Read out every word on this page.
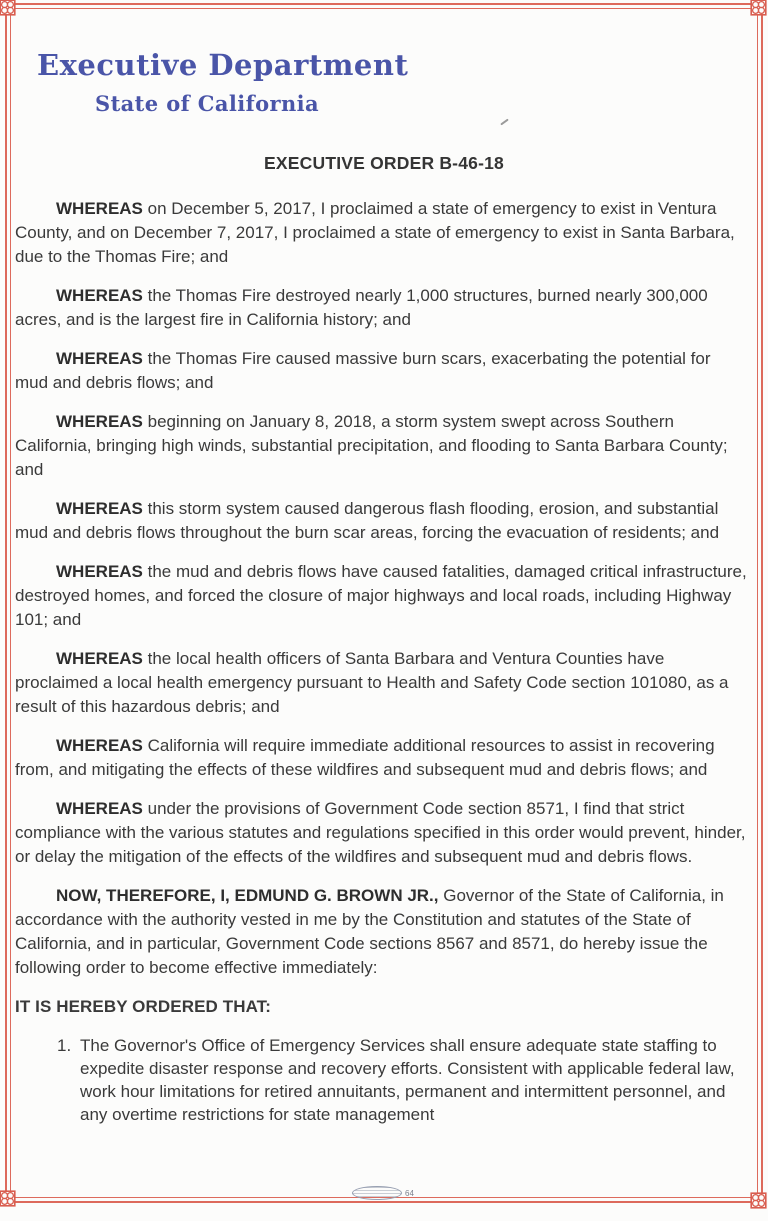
Executive Department
State of California
EXECUTIVE ORDER B-46-18

WHEREAS on December 5, 2017, I proclaimed a state of emergency to exist in Ventura County, and on December 7, 2017, I proclaimed a state of emergency to exist in Santa Barbara, due to the Thomas Fire; and

WHEREAS the Thomas Fire destroyed nearly 1,000 structures, burned nearly 300,000 acres, and is the largest fire in California history; and

WHEREAS the Thomas Fire caused massive burn scars, exacerbating the potential for mud and debris flows; and

WHEREAS beginning on January 8, 2018, a storm system swept across Southern California, bringing high winds, substantial precipitation, and flooding to Santa Barbara County; and

WHEREAS this storm system caused dangerous flash flooding, erosion, and substantial mud and debris flows throughout the burn scar areas, forcing the evacuation of residents; and

WHEREAS the mud and debris flows have caused fatalities, damaged critical infrastructure, destroyed homes, and forced the closure of major highways and local roads, including Highway 101; and

WHEREAS the local health officers of Santa Barbara and Ventura Counties have proclaimed a local health emergency pursuant to Health and Safety Code section 101080, as a result of this hazardous debris; and

WHEREAS California will require immediate additional resources to assist in recovering from, and mitigating the effects of these wildfires and subsequent mud and debris flows; and

WHEREAS under the provisions of Government Code section 8571, I find that strict compliance with the various statutes and regulations specified in this order would prevent, hinder, or delay the mitigation of the effects of the wildfires and subsequent mud and debris flows.

NOW, THEREFORE, I, EDMUND G. BROWN JR., Governor of the State of California, in accordance with the authority vested in me by the Constitution and statutes of the State of California, and in particular, Government Code sections 8567 and 8571, do hereby issue the following order to become effective immediately:

IT IS HEREBY ORDERED THAT:
1. The Governor's Office of Emergency Services shall ensure adequate state staffing to expedite disaster response and recovery efforts. Consistent with applicable federal law, work hour limitations for retired annuitants, permanent and intermittent personnel, and any overtime restrictions for state management
64
